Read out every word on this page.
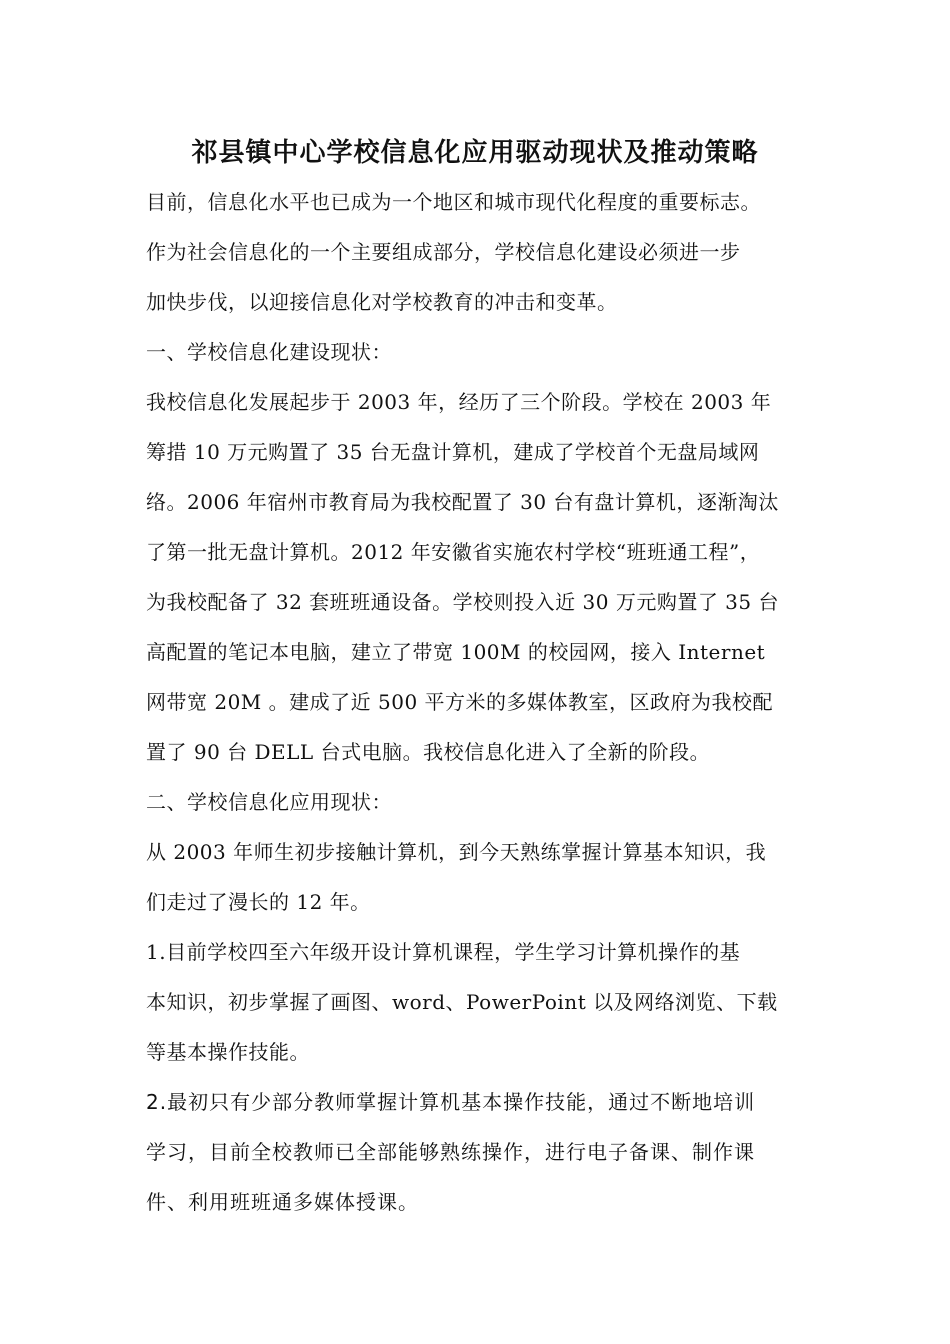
祁县镇中心学校信息化应用驱动现状及推动策略

目前，信息化水平也已成为一个地区和城市现代化程度的重要标志。

作为社会信息化的一个主要组成部分，学校信息化建设必须进一步

加快步伐，以迎接信息化对学校教育的冲击和变革。

一、学校信息化建设现状：

我校信息化发展起步于 2003 年，经历了三个阶段。学校在 2003 年

筹措 10 万元购置了 35 台无盘计算机，建成了学校首个无盘局域网

络。2006 年宿州市教育局为我校配置了 30 台有盘计算机，逐渐淘汰

了第一批无盘计算机。2012 年安徽省实施农村学校“班班通工程”，

为我校配备了 32 套班班通设备。学校则投入近 30 万元购置了 35 台

高配置的笔记本电脑，建立了带宽 100M 的校园网，接入 Internet

网带宽 20M 。建成了近 500 平方米的多媒体教室，区政府为我校配

置了 90 台 DELL 台式电脑。我校信息化进入了全新的阶段。

二、学校信息化应用现状：

从 2003 年师生初步接触计算机，到今天熟练掌握计算基本知识，我

们走过了漫长的 12 年。

1.目前学校四至六年级开设计算机课程，学生学习计算机操作的基

本知识，初步掌握了画图、word、PowerPoint 以及网络浏览、下载

等基本操作技能。

2.最初只有少部分教师掌握计算机基本操作技能，通过不断地培训

学习，目前全校教师已全部能够熟练操作，进行电子备课、制作课

件、利用班班通多媒体授课。
